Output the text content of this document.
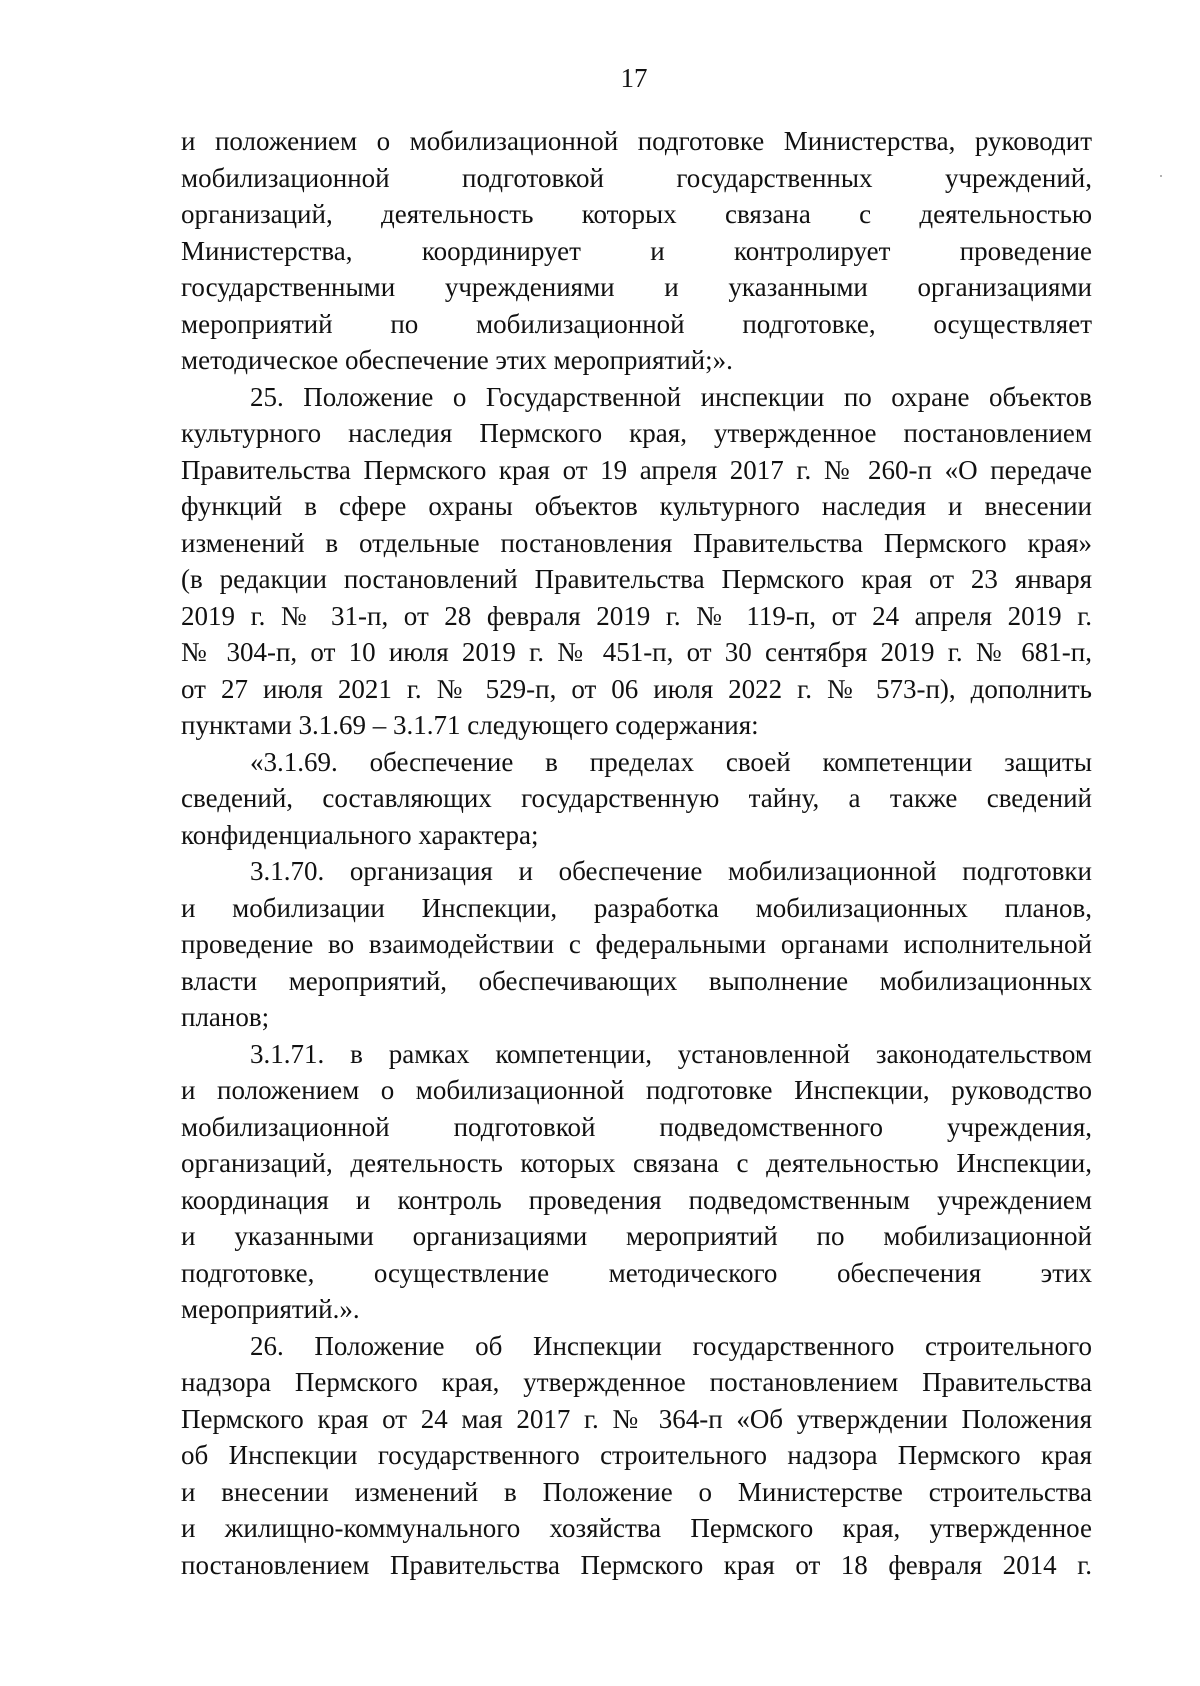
17
и положением о мобилизационной подготовке Министерства, руководит
мобилизационной подготовкой государственных учреждений,
организаций, деятельность которых связана с деятельностью
Министерства, координирует и контролирует проведение
государственными учреждениями и указанными организациями
мероприятий по мобилизационной подготовке, осуществляет
методическое обеспечение этих мероприятий;».
25. Положение о Государственной инспекции по охране объектов
культурного наследия Пермского края, утвержденное постановлением
Правительства Пермского края от 19 апреля 2017 г. № 260-п «О передаче
функций в сфере охраны объектов культурного наследия и внесении
изменений в отдельные постановления Правительства Пермского края»
(в редакции постановлений Правительства Пермского края от 23 января
2019 г. № 31-п, от 28 февраля 2019 г. № 119-п, от 24 апреля 2019 г.
№ 304-п, от 10 июля 2019 г. № 451-п, от 30 сентября 2019 г. № 681-п,
от 27 июля 2021 г. № 529-п, от 06 июля 2022 г. № 573-п), дополнить
пунктами 3.1.69 – 3.1.71 следующего содержания:
«3.1.69. обеспечение в пределах своей компетенции защиты
сведений, составляющих государственную тайну, а также сведений
конфиденциального характера;
3.1.70. организация и обеспечение мобилизационной подготовки
и мобилизации Инспекции, разработка мобилизационных планов,
проведение во взаимодействии с федеральными органами исполнительной
власти мероприятий, обеспечивающих выполнение мобилизационных
планов;
3.1.71. в рамках компетенции, установленной законодательством
и положением о мобилизационной подготовке Инспекции, руководство
мобилизационной подготовкой подведомственного учреждения,
организаций, деятельность которых связана с деятельностью Инспекции,
координация и контроль проведения подведомственным учреждением
и указанными организациями мероприятий по мобилизационной
подготовке, осуществление методического обеспечения этих
мероприятий.».
26. Положение об Инспекции государственного строительного
надзора Пермского края, утвержденное постановлением Правительства
Пермского края от 24 мая 2017 г. № 364-п «Об утверждении Положения
об Инспекции государственного строительного надзора Пермского края
и внесении изменений в Положение о Министерстве строительства
и жилищно-коммунального хозяйства Пермского края, утвержденное
постановлением Правительства Пермского края от 18 февраля 2014 г.
